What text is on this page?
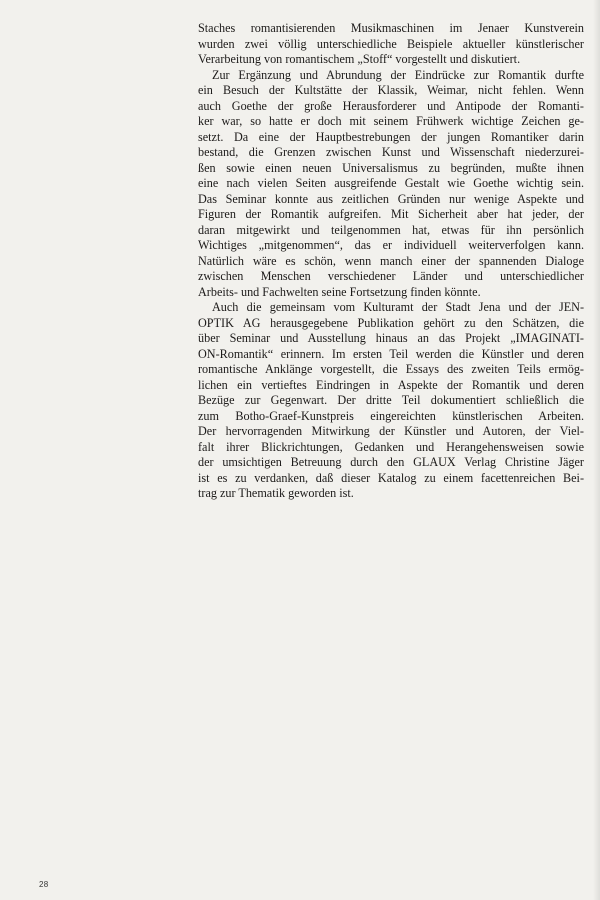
Staches romantisierenden Musikmaschinen im Jenaer Kunstverein
wurden zwei völlig unterschiedliche Beispiele aktueller künstlerischer
Verarbeitung von romantischem „Stoff“ vorgestellt und diskutiert.
Zur Ergänzung und Abrundung der Eindrücke zur Romantik durfte
ein Besuch der Kultstätte der Klassik, Weimar, nicht fehlen. Wenn
auch Goethe der große Herausforderer und Antipode der Romanti-
ker war, so hatte er doch mit seinem Frühwerk wichtige Zeichen ge-
setzt. Da eine der Hauptbestrebungen der jungen Romantiker darin
bestand, die Grenzen zwischen Kunst und Wissenschaft niederzurei-
ßen sowie einen neuen Universalismus zu begründen, mußte ihnen
eine nach vielen Seiten ausgreifende Gestalt wie Goethe wichtig sein.
Das Seminar konnte aus zeitlichen Gründen nur wenige Aspekte und
Figuren der Romantik aufgreifen. Mit Sicherheit aber hat jeder, der
daran mitgewirkt und teilgenommen hat, etwas für ihn persönlich
Wichtiges „mitgenommen“, das er individuell weiterverfolgen kann.
Natürlich wäre es schön, wenn manch einer der spannenden Dialoge
zwischen Menschen verschiedener Länder und unterschiedlicher
Arbeits- und Fachwelten seine Fortsetzung finden könnte.
Auch die gemeinsam vom Kulturamt der Stadt Jena und der JEN-
OPTIK AG herausgegebene Publikation gehört zu den Schätzen, die
über Seminar und Ausstellung hinaus an das Projekt „IMAGINATI-
ON-Romantik“ erinnern. Im ersten Teil werden die Künstler und deren
romantische Anklänge vorgestellt, die Essays des zweiten Teils ermög-
lichen ein vertieftes Eindringen in Aspekte der Romantik und deren
Bezüge zur Gegenwart. Der dritte Teil dokumentiert schließlich die
zum Botho-Graef-Kunstpreis eingereichten künstlerischen Arbeiten.
Der hervorragenden Mitwirkung der Künstler und Autoren, der Viel-
falt ihrer Blickrichtungen, Gedanken und Herangehensweisen sowie
der umsichtigen Betreuung durch den GLAUX Verlag Christine Jäger
ist es zu verdanken, daß dieser Katalog zu einem facettenreichen Bei-
trag zur Thematik geworden ist.
28
